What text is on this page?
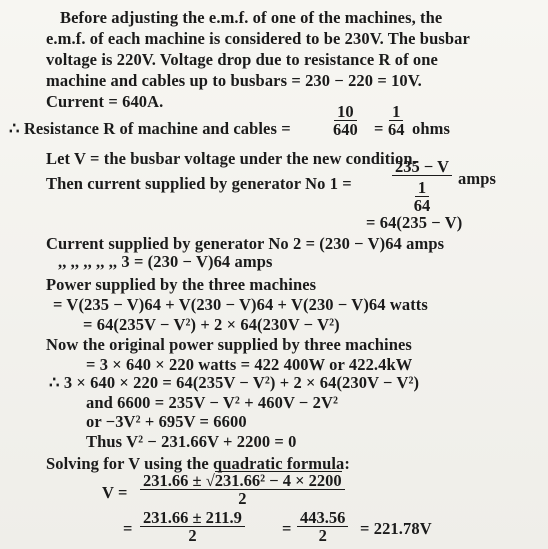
Before adjusting the e.m.f. of one of the machines, the
e.m.f. of each machine is considered to be 230V. The busbar
voltage is 220V. Voltage drop due to resistance R of one
machine and cables up to busbars = 230 − 220 = 10V.
Current = 640A.
∴ Resistance R of machine and cables = $\frac{10}{640} = \frac{1}{64}$ ohms
Let V = the busbar voltage under the new condition.
Then current supplied by generator No $1 = \frac{235 - V}{\frac{1}{64}}$ amps
= 64(235 − V)
Current supplied by generator No 2 = (230 − V)64 amps
,, ,, ,, ,, ,, 3 = (230 − V)64 amps
Power supplied by the three machines
= V(235 − V)64 + V(230 − V)64 + V(230 − V)64 watts
= 64(235V − V²) + 2 × 64(230V − V²)
Now the original power supplied by three machines
= 3 × 640 × 220 watts = 422 400W or 422.4kW
∴ 3 × 640 × 220 = 64(235V − V²) + 2 × 64(230V − V²)
and 6600 = 235V − V² + 460V − 2V²
or −3V² + 695V = 6600
Thus V² − 231.66V + 2200 = 0
Solving for V using the quadratic formula:
$V = \frac{\text{231.66 ± √231.66² − 4 × 2200}}{2}$
= $\frac{231.66 \pm 211.9}{2} = \frac{443.56}{2} = 221.78V$
